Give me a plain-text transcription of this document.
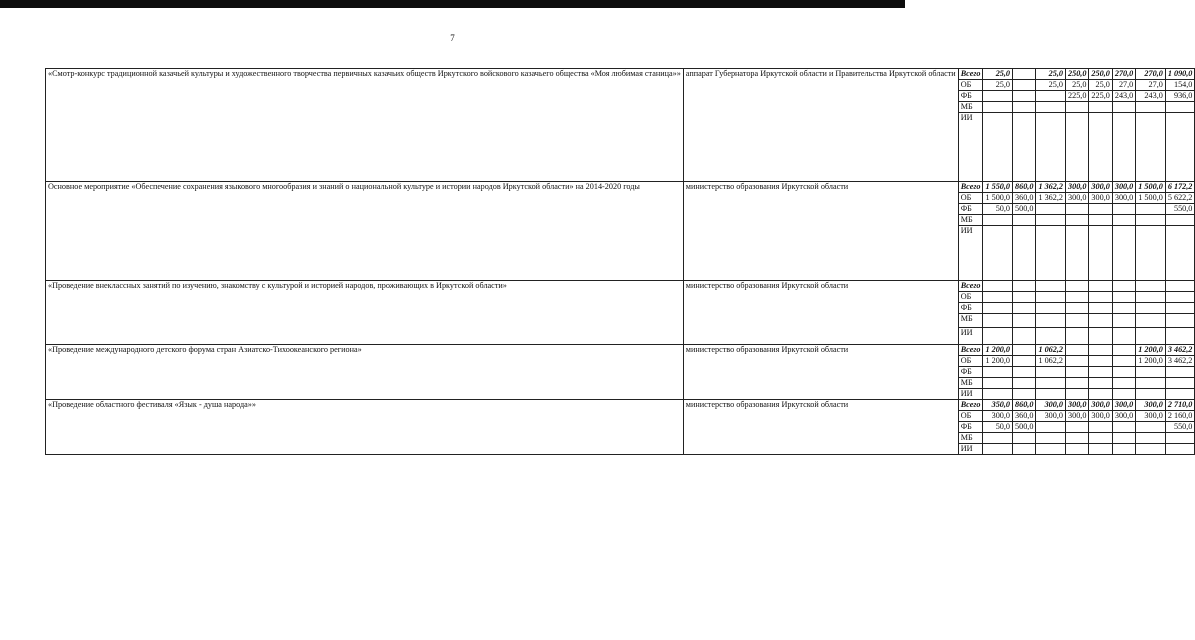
7
«Смотр-конкурс традиционной казачьей культуры и художественного творчества первичных казачьих обществ Иркутского войскового казачьего общества «Моя любимая станица»»	аппарат Губернатора Иркутской области и Правительства Иркутской области	Всего	25,0		25,0	250,0	250,0	270,0	270,0	1 090,0
		ОБ	25,0		25,0	25,0	25,0	27,0	27,0	154,0
		ФБ				225,0	225,0	243,0	243,0	936,0
		МБ								
		ИИ								
Основное мероприятие «Обеспечение сохранения языкового многообразия и знаний о национальной культуре и истории народов Иркутской области» на 2014-2020 годы	министерство образования Иркутской области	Всего	1 550,0	860,0	1 362,2	300,0	300,0	300,0	1 500,0	6 172,2
		ОБ	1 500,0	360,0	1 362,2	300,0	300,0	300,0	1 500,0	5 622,2
		ФБ	50,0	500,0						550,0
		МБ								
		ИИ								
«Проведение внеклассных занятий по изучению, знакомству с культурой и историей народов, проживающих в Иркутской области»	министерство образования Иркутской области	Всего								
		ОБ								
		ФБ								
		МБ								
		ИИ								
«Проведение международного детского форума стран Азиатско-Тихоокеанского региона»	министерство образования Иркутской области	Всего	1 200,0		1 062,2				1 200,0	3 462,2
		ОБ	1 200,0		1 062,2				1 200,0	3 462,2
		ФБ								
		МБ								
		ИИ								
«Проведение областного фестиваля «Язык - душа народа»»	министерство образования Иркутской области	Всего	350,0	860,0	300,0	300,0	300,0	300,0	300,0	2 710,0
		ОБ	300,0	360,0	300,0	300,0	300,0	300,0	300,0	2 160,0
		ФБ	50,0	500,0						550,0
		МБ								
		ИИ								
